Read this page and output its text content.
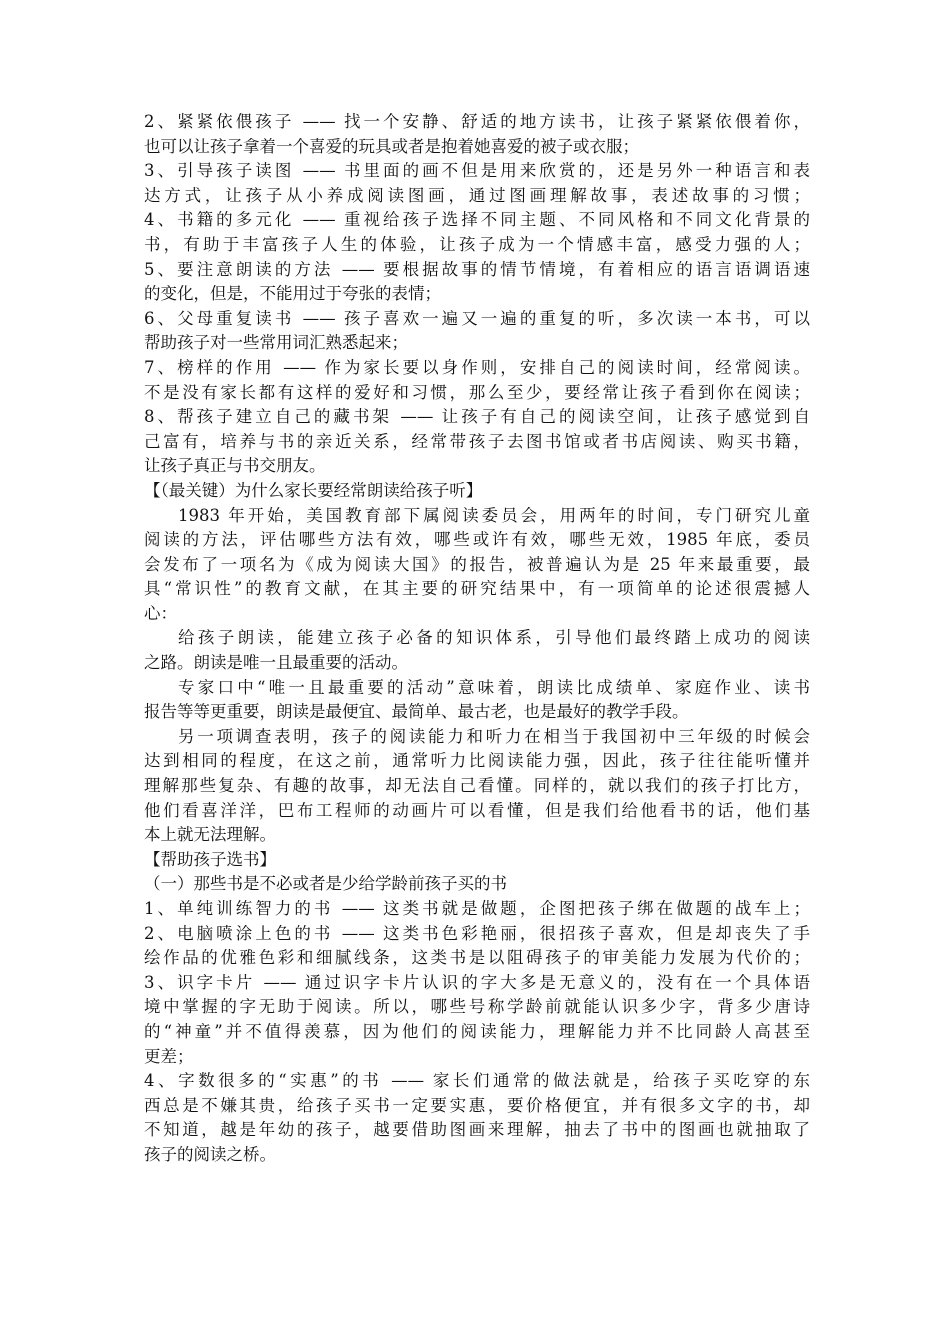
2、紧紧依偎孩子 —— 找一个安静、舒适的地方读书，让孩子紧紧依偎着你，
也可以让孩子拿着一个喜爱的玩具或者是抱着她喜爱的被子或衣服；
3、引导孩子读图 —— 书里面的画不但是用来欣赏的，还是另外一种语言和表
达方式，让孩子从小养成阅读图画，通过图画理解故事，表述故事的习惯；
4、书籍的多元化 —— 重视给孩子选择不同主题、不同风格和不同文化背景的
书，有助于丰富孩子人生的体验，让孩子成为一个情感丰富，感受力强的人；
5、要注意朗读的方法 —— 要根据故事的情节情境，有着相应的语言语调语速
的变化，但是，不能用过于夸张的表情；
6、父母重复读书 —— 孩子喜欢一遍又一遍的重复的听，多次读一本书，可以
帮助孩子对一些常用词汇熟悉起来；
7、榜样的作用 —— 作为家长要以身作则，安排自己的阅读时间，经常阅读。
不是没有家长都有这样的爱好和习惯，那么至少，要经常让孩子看到你在阅读；
8、帮孩子建立自己的藏书架 —— 让孩子有自己的阅读空间，让孩子感觉到自
己富有，培养与书的亲近关系，经常带孩子去图书馆或者书店阅读、购买书籍，
让孩子真正与书交朋友。
【（最关键）为什么家长要经常朗读给孩子听】
1983 年开始，美国教育部下属阅读委员会，用两年的时间，专门研究儿童
阅读的方法，评估哪些方法有效，哪些或许有效，哪些无效，1985 年底，委员
会发布了一项名为《成为阅读大国》的报告，被普遍认为是 25 年来最重要，最
具“常识性”的教育文献，在其主要的研究结果中，有一项简单的论述很震撼人
心：
给孩子朗读，能建立孩子必备的知识体系，引导他们最终踏上成功的阅读
之路。朗读是唯一且最重要的活动。
专家口中“唯一且最重要的活动”意味着，朗读比成绩单、家庭作业、读书
报告等等更重要，朗读是最便宜、最简单、最古老，也是最好的教学手段。
另一项调查表明，孩子的阅读能力和听力在相当于我国初中三年级的时候会
达到相同的程度，在这之前，通常听力比阅读能力强，因此，孩子往往能听懂并
理解那些复杂、有趣的故事，却无法自己看懂。同样的，就以我们的孩子打比方，
他们看喜洋洋，巴布工程师的动画片可以看懂，但是我们给他看书的话，他们基
本上就无法理解。
【帮助孩子选书】
（一）那些书是不必或者是少给学龄前孩子买的书
1、单纯训练智力的书 —— 这类书就是做题，企图把孩子绑在做题的战车上；
2、电脑喷涂上色的书 —— 这类书色彩艳丽，很招孩子喜欢，但是却丧失了手
绘作品的优雅色彩和细腻线条，这类书是以阻碍孩子的审美能力发展为代价的；
3、识字卡片 —— 通过识字卡片认识的字大多是无意义的，没有在一个具体语
境中掌握的字无助于阅读。所以，哪些号称学龄前就能认识多少字，背多少唐诗
的“神童”并不值得羡慕，因为他们的阅读能力，理解能力并不比同龄人高甚至
更差；
4、字数很多的“实惠”的书 —— 家长们通常的做法就是，给孩子买吃穿的东
西总是不嫌其贵，给孩子买书一定要实惠，要价格便宜，并有很多文字的书，却
不知道，越是年幼的孩子，越要借助图画来理解，抽去了书中的图画也就抽取了
孩子的阅读之桥。
